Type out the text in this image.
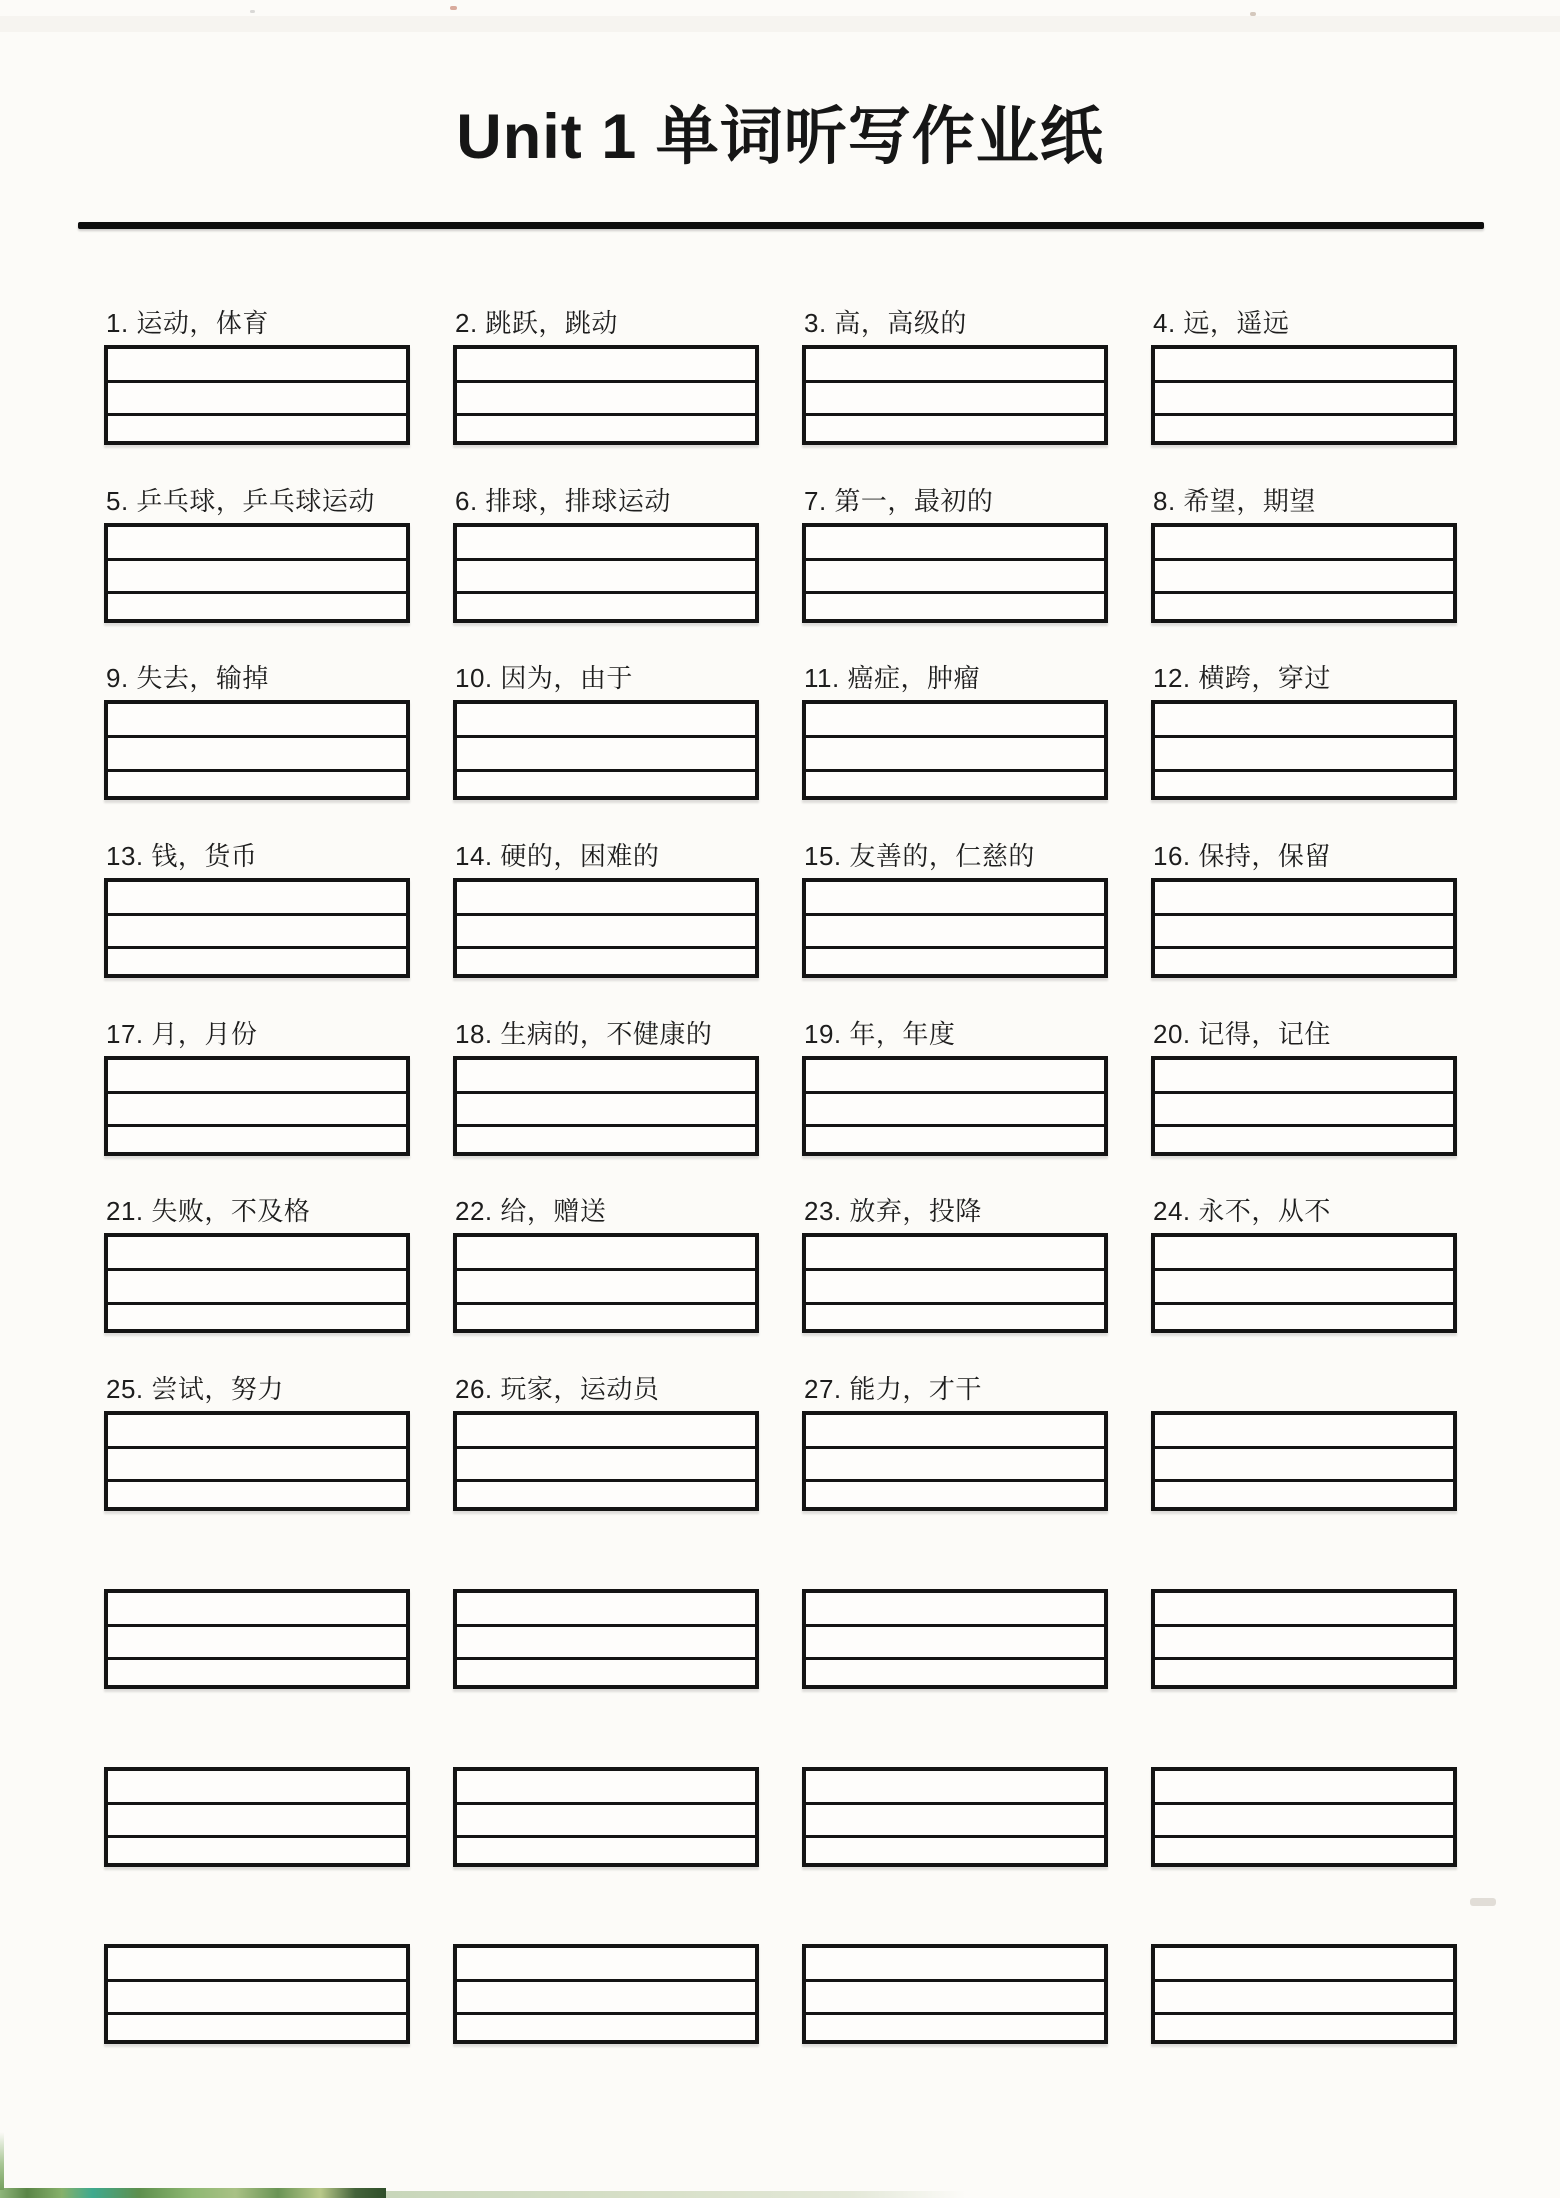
Unit 1 单词听写作业纸
1. 运动，体育	2. 跳跃，跳动	3. 高，高级的	4. 远，遥远
5. 乒乓球，乒乓球运动	6. 排球，排球运动	7. 第一，最初的	8. 希望，期望
9. 失去，输掉	10. 因为，由于	11. 癌症，肿瘤	12. 横跨，穿过
13. 钱，货币	14. 硬的，困难的	15. 友善的，仁慈的	16. 保持，保留
17. 月，月份	18. 生病的，不健康的	19. 年，年度	20. 记得，记住
21. 失败，不及格	22. 给，赠送	23. 放弃，投降	24. 永不，从不
25. 尝试，努力	26. 玩家，运动员	27. 能力，才干
